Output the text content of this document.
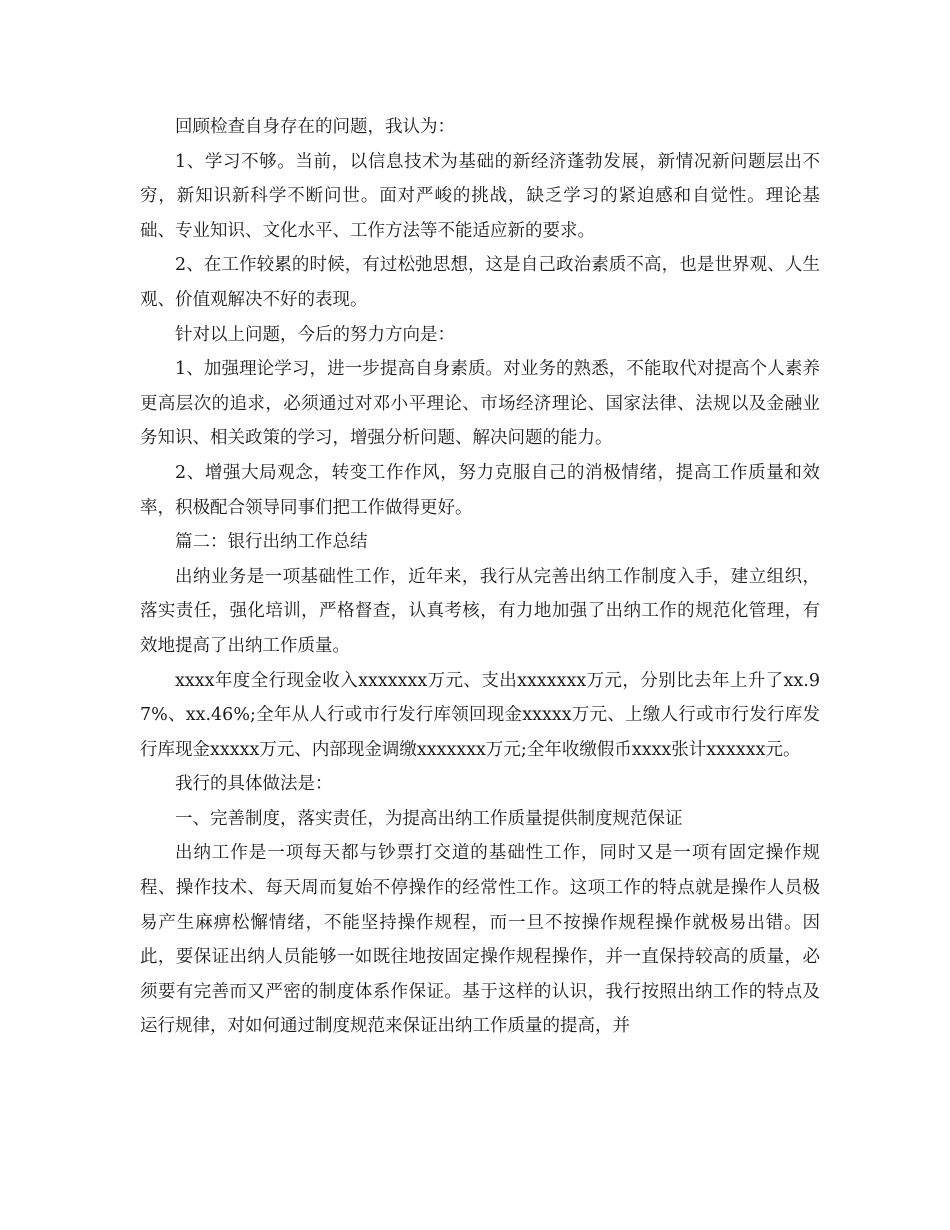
回顾检查自身存在的问题，我认为：

1、学习不够。当前，以信息技术为基础的新经济蓬勃发展，新情况新问题层出不穷，新知识新科学不断问世。面对严峻的挑战，缺乏学习的紧迫感和自觉性。理论基础、专业知识、文化水平、工作方法等不能适应新的要求。

2、在工作较累的时候，有过松弛思想，这是自己政治素质不高，也是世界观、人生观、价值观解决不好的表现。

针对以上问题，今后的努力方向是：

1、加强理论学习，进一步提高自身素质。对业务的熟悉，不能取代对提高个人素养更高层次的追求，必须通过对邓小平理论、市场经济理论、国家法律、法规以及金融业务知识、相关政策的学习，增强分析问题、解决问题的能力。

2、增强大局观念，转变工作作风，努力克服自己的消极情绪，提高工作质量和效率，积极配合领导同事们把工作做得更好。

篇二：银行出纳工作总结

出纳业务是一项基础性工作，近年来，我行从完善出纳工作制度入手，建立组织，落实责任，强化培训，严格督查，认真考核，有力地加强了出纳工作的规范化管理，有效地提高了出纳工作质量。

xxxx年度全行现金收入xxxxxxx万元、支出xxxxxxx万元，分别比去年上升了xx.97%、xx.46%;全年从人行或市行发行库领回现金xxxxx万元、上缴人行或市行发行库发行库现金xxxxx万元、内部现金调缴xxxxxxx万元;全年收缴假币xxxx张计xxxxxx元。

我行的具体做法是：

一、完善制度，落实责任，为提高出纳工作质量提供制度规范保证

出纳工作是一项每天都与钞票打交道的基础性工作，同时又是一项有固定操作规程、操作技术、每天周而复始不停操作的经常性工作。这项工作的特点就是操作人员极易产生麻痹松懈情绪，不能坚持操作规程，而一旦不按操作规程操作就极易出错。因此，要保证出纳人员能够一如既往地按固定操作规程操作，并一直保持较高的质量，必须要有完善而又严密的制度体系作保证。基于这样的认识，我行按照出纳工作的特点及运行规律，对如何通过制度规范来保证出纳工作质量的提高，并
